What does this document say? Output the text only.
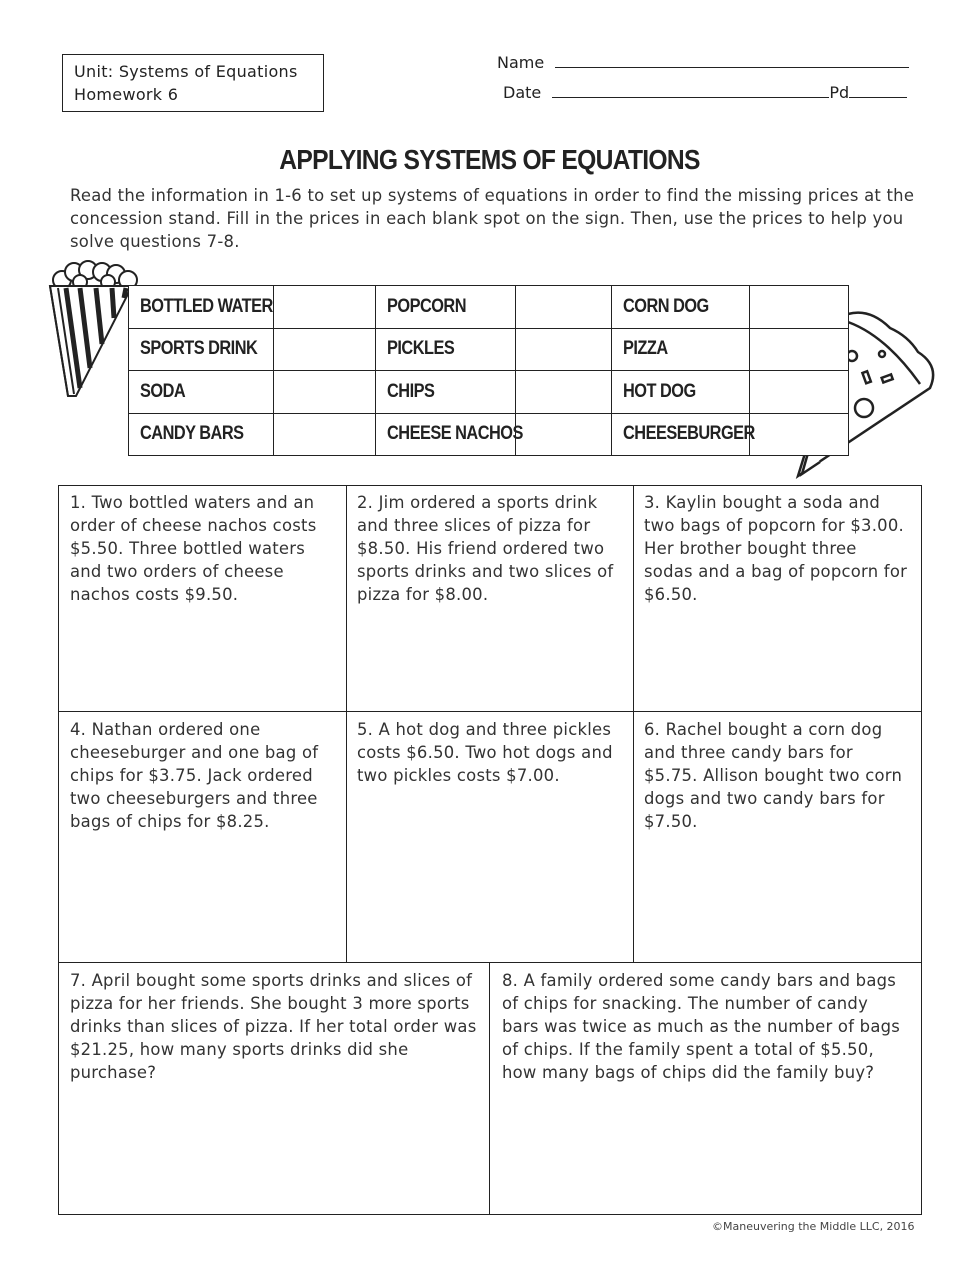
Unit: Systems of Equations
Homework 6
Name
Date	Pd
APPLYING SYSTEMS OF EQUATIONS
Read the information in 1-6 to set up systems of equations in order to find the missing prices at the concession stand. Fill in the prices in each blank spot on the sign. Then, use the prices to help you solve questions 7-8.
BOTTLED WATER		POPCORN		CORN DOG	
SPORTS DRINK		PICKLES		PIZZA	
SODA		CHIPS		HOT DOG	
CANDY BARS		CHEESE NACHOS		CHEESEBURGER	
1. Two bottled waters and an order of cheese nachos costs $5.50. Three bottled waters and two orders of cheese nachos costs $9.50.
2. Jim ordered a sports drink and three slices of pizza for $8.50. His friend ordered two sports drinks and two slices of pizza for $8.00.
3. Kaylin bought a soda and two bags of popcorn for $3.00. Her brother bought three sodas and a bag of popcorn for $6.50.
4. Nathan ordered one cheeseburger and one bag of chips for $3.75. Jack ordered two cheeseburgers and three bags of chips for $8.25.
5. A hot dog and three pickles costs $6.50. Two hot dogs and two pickles costs $7.00.
6. Rachel bought a corn dog and three candy bars for $5.75. Allison bought two corn dogs and two candy bars for $7.50.
7. April bought some sports drinks and slices of pizza for her friends. She bought 3 more sports drinks than slices of pizza. If her total order was $21.25, how many sports drinks did she purchase?
8. A family ordered some candy bars and bags of chips for snacking. The number of candy bars was twice as much as the number of bags of chips. If the family spent a total of $5.50, how many bags of chips did the family buy?
©Maneuvering the Middle LLC, 2016
